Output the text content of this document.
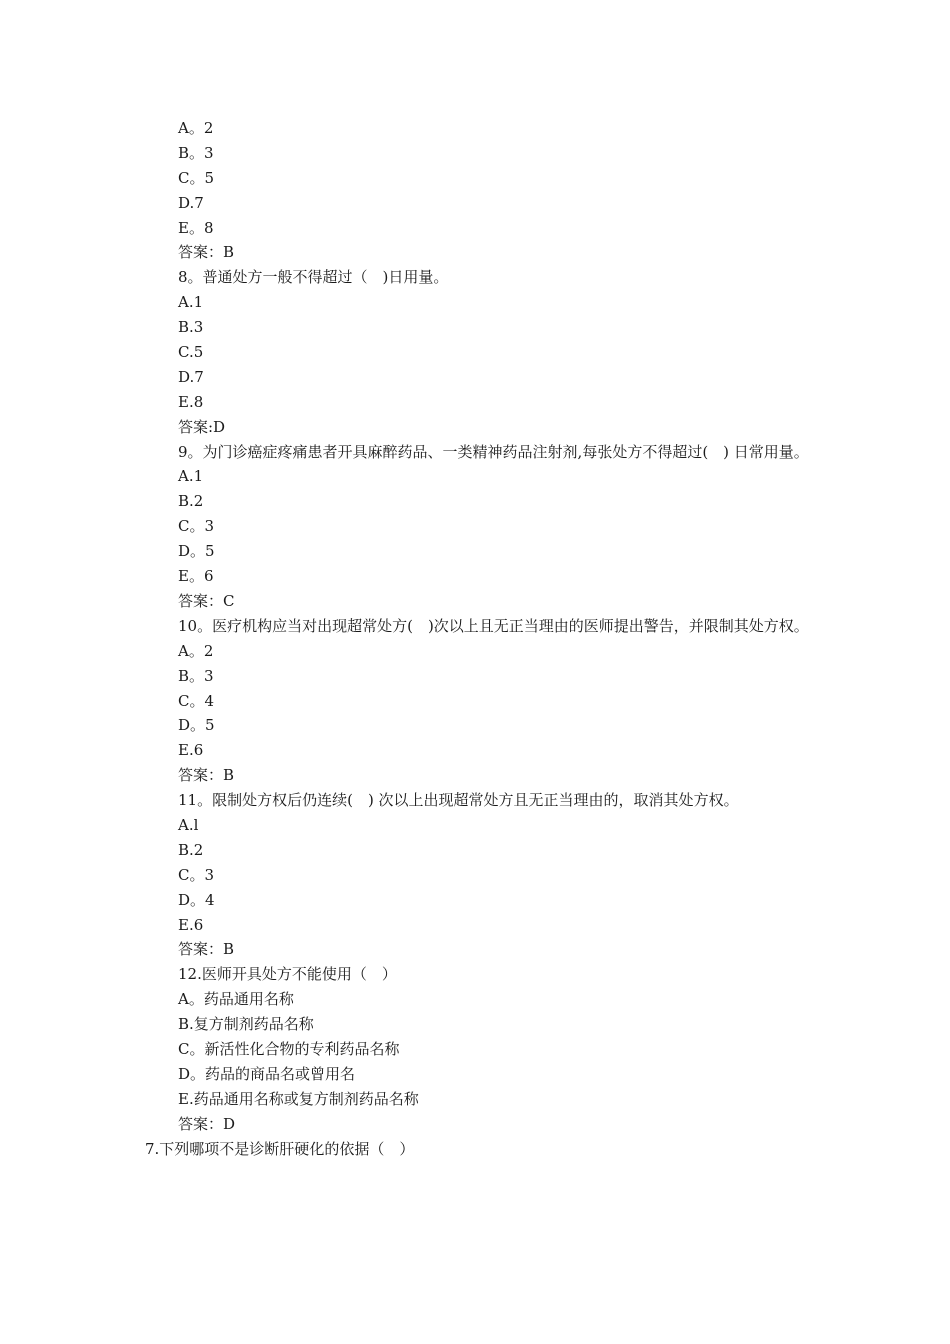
A。2
B。3
C。5
D.7
E。8
答案：B
8。普通处方一般不得超过（　)日用量。
A.1
B.3
C.5
D.7
E.8
答案:D
9。为门诊癌症疼痛患者开具麻醉药品、一类精神药品注射剂,每张处方不得超过(　) 日常用量。
A.1
B.2
C。3
D。5
E。6
答案：C
10。医疗机构应当对出现超常处方(　)次以上且无正当理由的医师提出警告，并限制其处方权。
A。2
B。3
C。4
D。5
E.6
答案：B
11。限制处方权后仍连续(　) 次以上出现超常处方且无正当理由的，取消其处方权。
A.l
B.2
C。3
D。4
E.6
答案：B
12.医师开具处方不能使用（　）
A。药品通用名称
B.复方制剂药品名称
C。新活性化合物的专利药品名称
D。药品的商品名或曾用名
E.药品通用名称或复方制剂药品名称
答案：D
7.下列哪项不是诊断肝硬化的依据（　）
